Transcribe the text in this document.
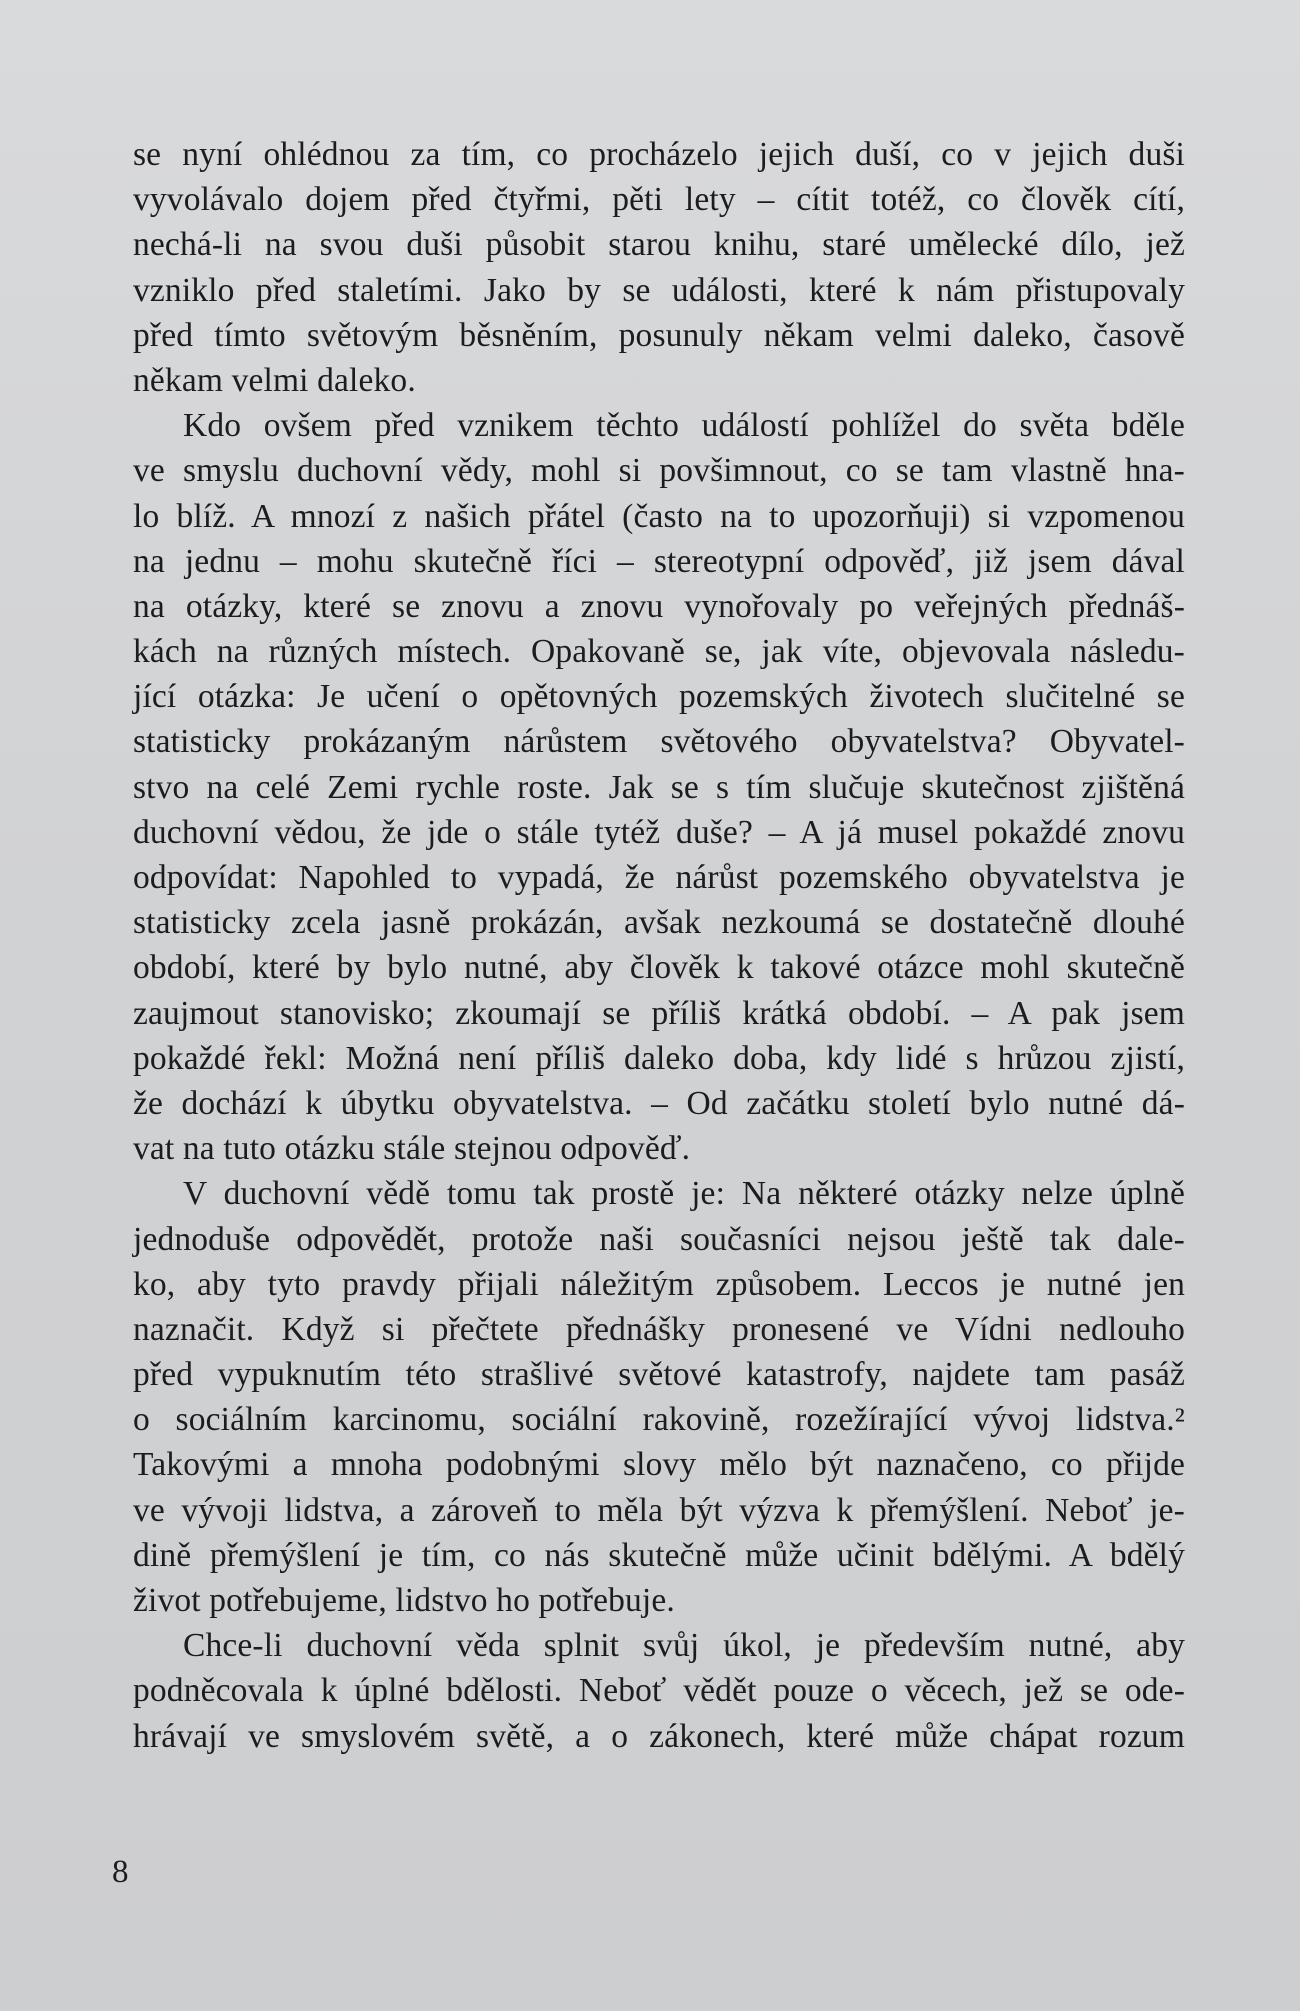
se nyní ohlédnou za tím, co procházelo jejich duší, co v jejich duši
vyvolávalo dojem před čtyřmi, pěti lety – cítit totéž, co člověk cítí,
nechá-li na svou duši působit starou knihu, staré umělecké dílo, jež
vzniklo před staletími. Jako by se události, které k nám přistupovaly
před tímto světovým běsněním, posunuly někam velmi daleko, časově
někam velmi daleko.
Kdo ovšem před vznikem těchto událostí pohlížel do světa bděle
ve smyslu duchovní vědy, mohl si povšimnout, co se tam vlastně hna-
lo blíž. A mnozí z našich přátel (často na to upozorňuji) si vzpomenou
na jednu – mohu skutečně říci – stereotypní odpověď, již jsem dával
na otázky, které se znovu a znovu vynořovaly po veřejných přednáš-
kách na různých místech. Opakovaně se, jak víte, objevovala následu-
jící otázka: Je učení o opětovných pozemských životech slučitelné se
statisticky prokázaným nárůstem světového obyvatelstva? Obyvatel-
stvo na celé Zemi rychle roste. Jak se s tím slučuje skutečnost zjištěná
duchovní vědou, že jde o stále tytéž duše? – A já musel pokaždé znovu
odpovídat: Napohled to vypadá, že nárůst pozemského obyvatelstva je
statisticky zcela jasně prokázán, avšak nezkoumá se dostatečně dlouhé
období, které by bylo nutné, aby člověk k takové otázce mohl skutečně
zaujmout stanovisko; zkoumají se příliš krátká období. – A pak jsem
pokaždé řekl: Možná není příliš daleko doba, kdy lidé s hrůzou zjistí,
že dochází k úbytku obyvatelstva. – Od začátku století bylo nutné dá-
vat na tuto otázku stále stejnou odpověď.
V duchovní vědě tomu tak prostě je: Na některé otázky nelze úplně
jednoduše odpovědět, protože naši současníci nejsou ještě tak dale-
ko, aby tyto pravdy přijali náležitým způsobem. Leccos je nutné jen
naznačit. Když si přečtete přednášky pronesené ve Vídni nedlouho
před vypuknutím této strašlivé světové katastrofy, najdete tam pasáž
o sociálním karcinomu, sociální rakovině, rozežírající vývoj lidstva.²
Takovými a mnoha podobnými slovy mělo být naznačeno, co přijde
ve vývoji lidstva, a zároveň to měla být výzva k přemýšlení. Neboť je-
dině přemýšlení je tím, co nás skutečně může učinit bdělými. A bdělý
život potřebujeme, lidstvo ho potřebuje.
Chce-li duchovní věda splnit svůj úkol, je především nutné, aby
podněcovala k úplné bdělosti. Neboť vědět pouze o věcech, jež se ode-
hrávají ve smyslovém světě, a o zákonech, které může chápat rozum
8
